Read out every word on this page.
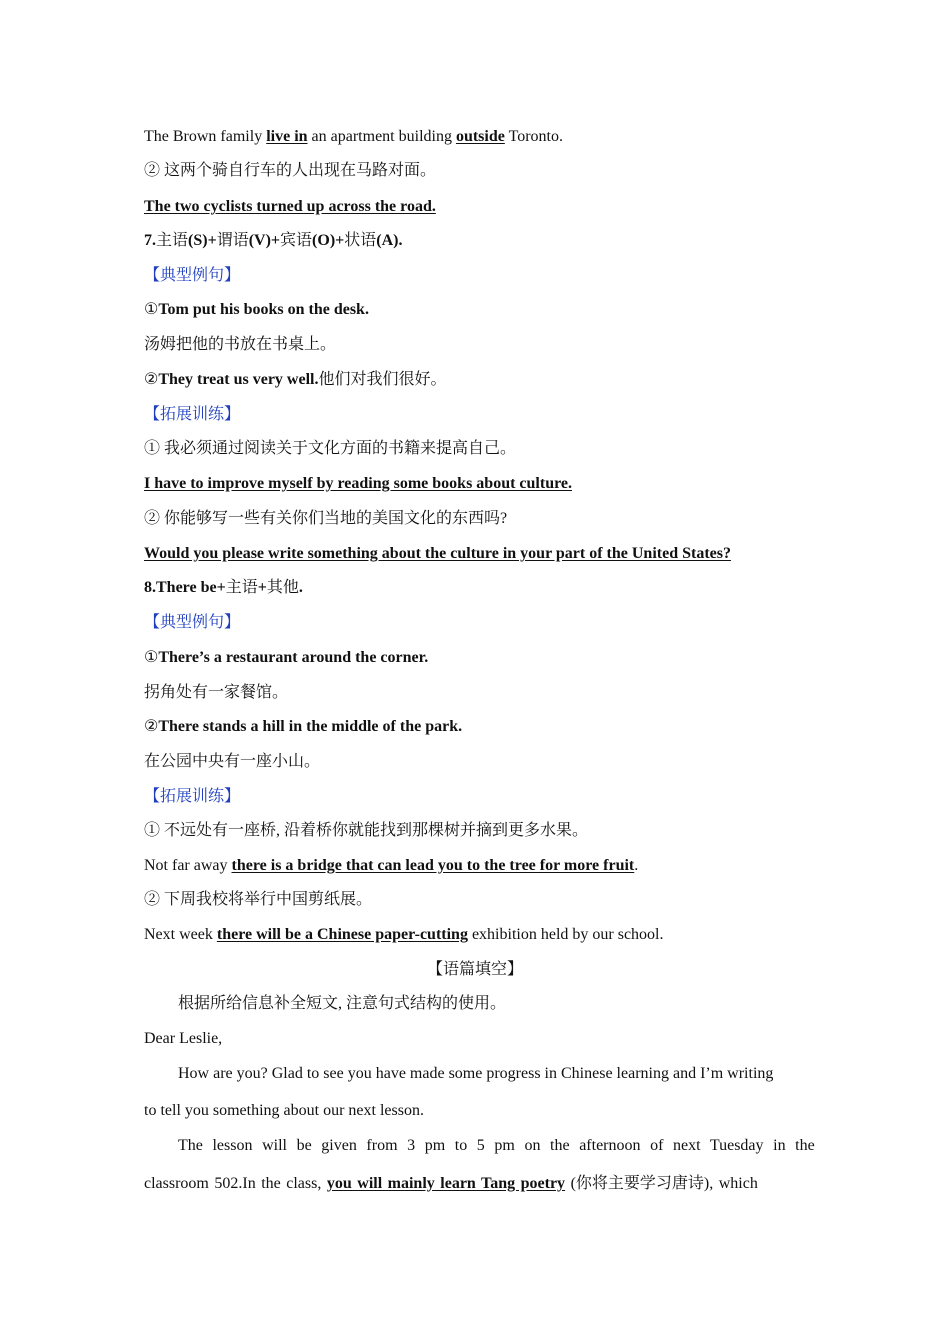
The Brown family live in an apartment building outside Toronto.
② 这两个骑自行车的人出现在马路对面。
The two cyclists turned up across the road.
7.主语(S)+谓语(V)+宾语(O)+状语(A).
【典型例句】
①Tom put his books on the desk.
汤姆把他的书放在书桌上。
②They treat us very well.他们对我们很好。
【拓展训练】
① 我必须通过阅读关于文化方面的书籍来提高自己。
I have to improve myself by reading some books about culture.
② 你能够写一些有关你们当地的美国文化的东西吗?
Would you please write something about the culture in your part of the United States?
8.There be+主语+其他.
【典型例句】
①There’s a restaurant around the corner.
拐角处有一家餐馆。
②There stands a hill in the middle of the park.
在公园中央有一座小山。
【拓展训练】
① 不远处有一座桥, 沿着桥你就能找到那棵树并摘到更多水果。
Not far away there is a bridge that can lead you to the tree for more fruit.
② 下周我校将举行中国剪纸展。
Next week there will be a Chinese paper-cutting exhibition held by our school.
【语篇填空】
根据所给信息补全短文, 注意句式结构的使用。
Dear Leslie,
How are you? Glad to see you have made some progress in Chinese learning and I’m writing
to tell you something about our next lesson.
The lesson will be given from 3 pm to 5 pm on the afternoon of next Tuesday in the
classroom 502.In the class, you will mainly learn Tang poetry (你将主要学习唐诗), which
